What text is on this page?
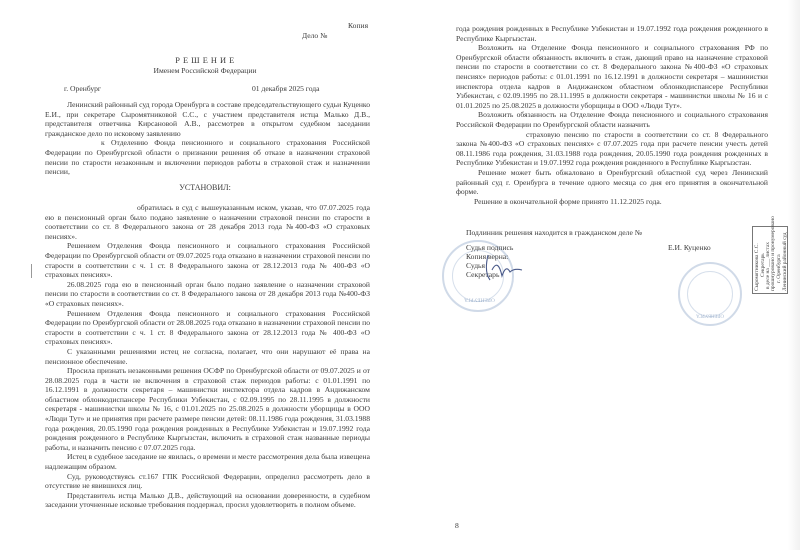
Копия
Дело №
Р Е Ш Е Н И Е
Именем Российской Федерации
г. Оренбург	01 декабря 2025 года

Ленинский районный суд города Оренбурга в составе председательствующего судьи Куценко Е.И., при секретаре Сыромятниковой С.С., с участием представителя истца Малько Д.В., представителя ответчика Кирсановой А.В., рассмотрев в открытом судебном заседании гражданское дело по исковому заявлению

к Отделению Фонда пенсионного и социального страхования Российской Федерации по Оренбургской области о признании решения об отказе в назначении страховой пенсии по старости незаконным и включении периодов работы в страховой стаж и назначении пенсии,

УСТАНОВИЛ:

обратилась в суд с вышеуказанным иском, указав, что 07.07.2025 года ею в пенсионный орган было подано заявление о назначении страховой пенсии по старости в соответствии со ст. 8 Федерального закона от 28 декабря 2013 года №400-ФЗ «О страховых пенсиях».

Решением Отделения Фонда пенсионного и социального страхования Российской Федерации по Оренбургской области от 09.07.2025 года отказано в назначении страховой пенсии по старости в соответствии с ч. 1 ст. 8 Федерального закона от 28.12.2013 года № 400-ФЗ «О страховых пенсиях».

26.08.2025 года ею в пенсионный орган было подано заявление о назначении страховой пенсии по старости в соответствии со ст. 8 Федерального закона от 28 декабря 2013 года №400-ФЗ «О страховых пенсиях».

Решением Отделения Фонда пенсионного и социального страхования Российской Федерации по Оренбургской области от 28.08.2025 года отказано в назначении страховой пенсии по старости в соответствии с ч. 1 ст. 8 Федерального закона от 28.12.2013 года № 400-ФЗ «О страховых пенсиях».

С указанными решениями истец не согласна, полагает, что они нарушают её права на пенсионное обеспечение.

Просила признать незаконными решения ОСФР по Оренбургской области от 09.07.2025 и от 28.08.2025 года в части не включения в страховой стаж периодов работы: с 01.01.1991 по 16.12.1991 в должности секретаря – машинистки инспектора отдела кадров в Андижанском областном облонкодиспансере Республики Узбекистан, с 02.09.1995 по 28.11.1995 в должности секретаря - машинистки школы № 16, с 01.01.2025 по 25.08.2025 в должности уборщицы в ООО «Люди Тут» и не принятия при расчете размере пенсии детей: 08.11.1986 года рождения, 31.03.1988 года рождения, 20.05.1990 года рождения рожденных в Республике Узбекистан и 19.07.1992 года рождения рожденного в Республике Кыргызстан, включить в страховой стаж названные периоды работы, и назначить пенсию с 07.07.2025 года.

Истец в судебное заседание не явилась, о времени и месте рассмотрения дела была извещена надлежащим образом.

Суд, руководствуясь ст.167 ГПК Российской Федерации, определил рассмотреть дело в отсутствие не явившихся лиц.

Представитель истца Малько Д.В., действующий на основании доверенности, в судебном заседании уточненные исковые требования поддержал, просил удовлетворить в полном объеме.

года рождения рожденных в Республике Узбекистан и 19.07.1992 года рождения рожденного в Республике Кыргызстан.

Возложить на Отделение Фонда пенсионного и социального страхования РФ по Оренбургской области обязанность включить в стаж, дающий право на назначение страховой пенсии по старости в соответствии со ст. 8 Федерального закона №400-ФЗ «О страховых пенсиях» периодов работы: с 01.01.1991 по 16.12.1991 в должности секретаря – машинистки инспектора отдела кадров в Андижанском областном облонкодиспансере Республики Узбекистан, с 02.09.1995 по 28.11.1995 в должности секретаря - машинистки школы № 16 и с 01.01.2025 по 25.08.2025 в должности уборщицы в ООО «Люди Тут».

Возложить обязанность на Отделение Фонда пенсионного и социального страхования Российской Федерации по Оренбургской области назначить

страховую пенсию по старости в соответствии со ст. 8 Федерального закона №400-ФЗ «О страховых пенсиях» с 07.07.2025 года при расчете пенсии учесть детей 08.11.1986 года рождения, 31.03.1988 года рождения, 20.05.1990 года рождения рожденных в Республике Узбекистан и 19.07.1992 года рождения рожденного в Республике Кыргызстан.

Решение может быть обжаловано в Оренбургский областной суд через Ленинский районный суд г. Оренбурга в течение одного месяца со дня его принятия в окончательной форме.

Решение в окончательной форме принято 11.12.2025 года.

Подлинник решения находится в гражданском деле №
ОРЕНБУРГА
Судья подпись
Копия верна:
Судья
Секретарь
Е.И. Куценко
ОРЕНБУРГА
Ленинский районный суд
г. Оренбурга
прошнуровано и пронумеровано
в деле на ___ листах
Секретарь
Сыромятникова С.С.
8
